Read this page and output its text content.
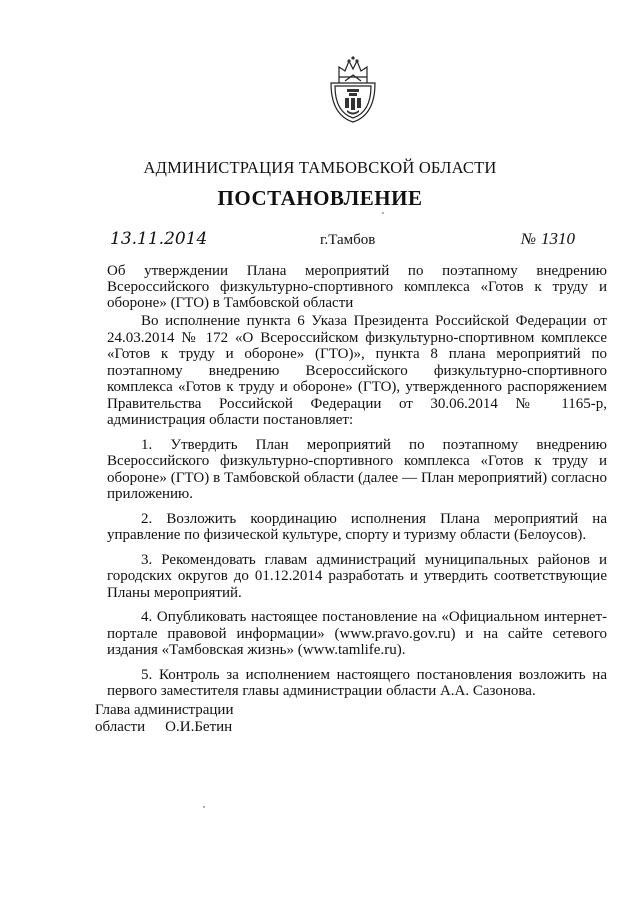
АДМИНИСТРАЦИЯ ТАМБОВСКОЙ ОБЛАСТИ
ПОСТАНОВЛЕНИЕ
13.11.2014	г.Тамбов	№ 1310
Об утверждении Плана мероприятий по поэтапному внедрению Всероссийского физкультурно-спортивного комплекса «Готов к труду и обороне» (ГТО) в Тамбовской области

Во исполнение пункта 6 Указа Президента Российской Федерации от 24.03.2014 № 172 «О Всероссийском физкультурно-спортивном комплексе «Готов к труду и обороне» (ГТО)», пункта 8 плана мероприятий по поэтапному внедрению Всероссийского физкультурно-спортивного комплекса «Готов к труду и обороне» (ГТО), утвержденного распоряжением Правительства Российской Федерации от 30.06.2014 № 1165-р, администрация области постановляет:

1. Утвердить План мероприятий по поэтапному внедрению Всероссийского физкультурно-спортивного комплекса «Готов к труду и обороне» (ГТО) в Тамбовской области (далее — План мероприятий) согласно приложению.

2. Возложить координацию исполнения Плана мероприятий на управление по физической культуре, спорту и туризму области (Белоусов).

3. Рекомендовать главам администраций муниципальных районов и городских округов до 01.12.2014 разработать и утвердить соответствующие Планы мероприятий.

4. Опубликовать настоящее постановление на «Официальном интернет-портале правовой информации» (www.pravo.gov.ru) и на сайте сетевого издания «Тамбовская жизнь» (www.tamlife.ru).

5. Контроль за исполнением настоящего постановления возложить на первого заместителя главы администрации области А.А. Сазонова.

Глава администрации
области О.И.Бетин
